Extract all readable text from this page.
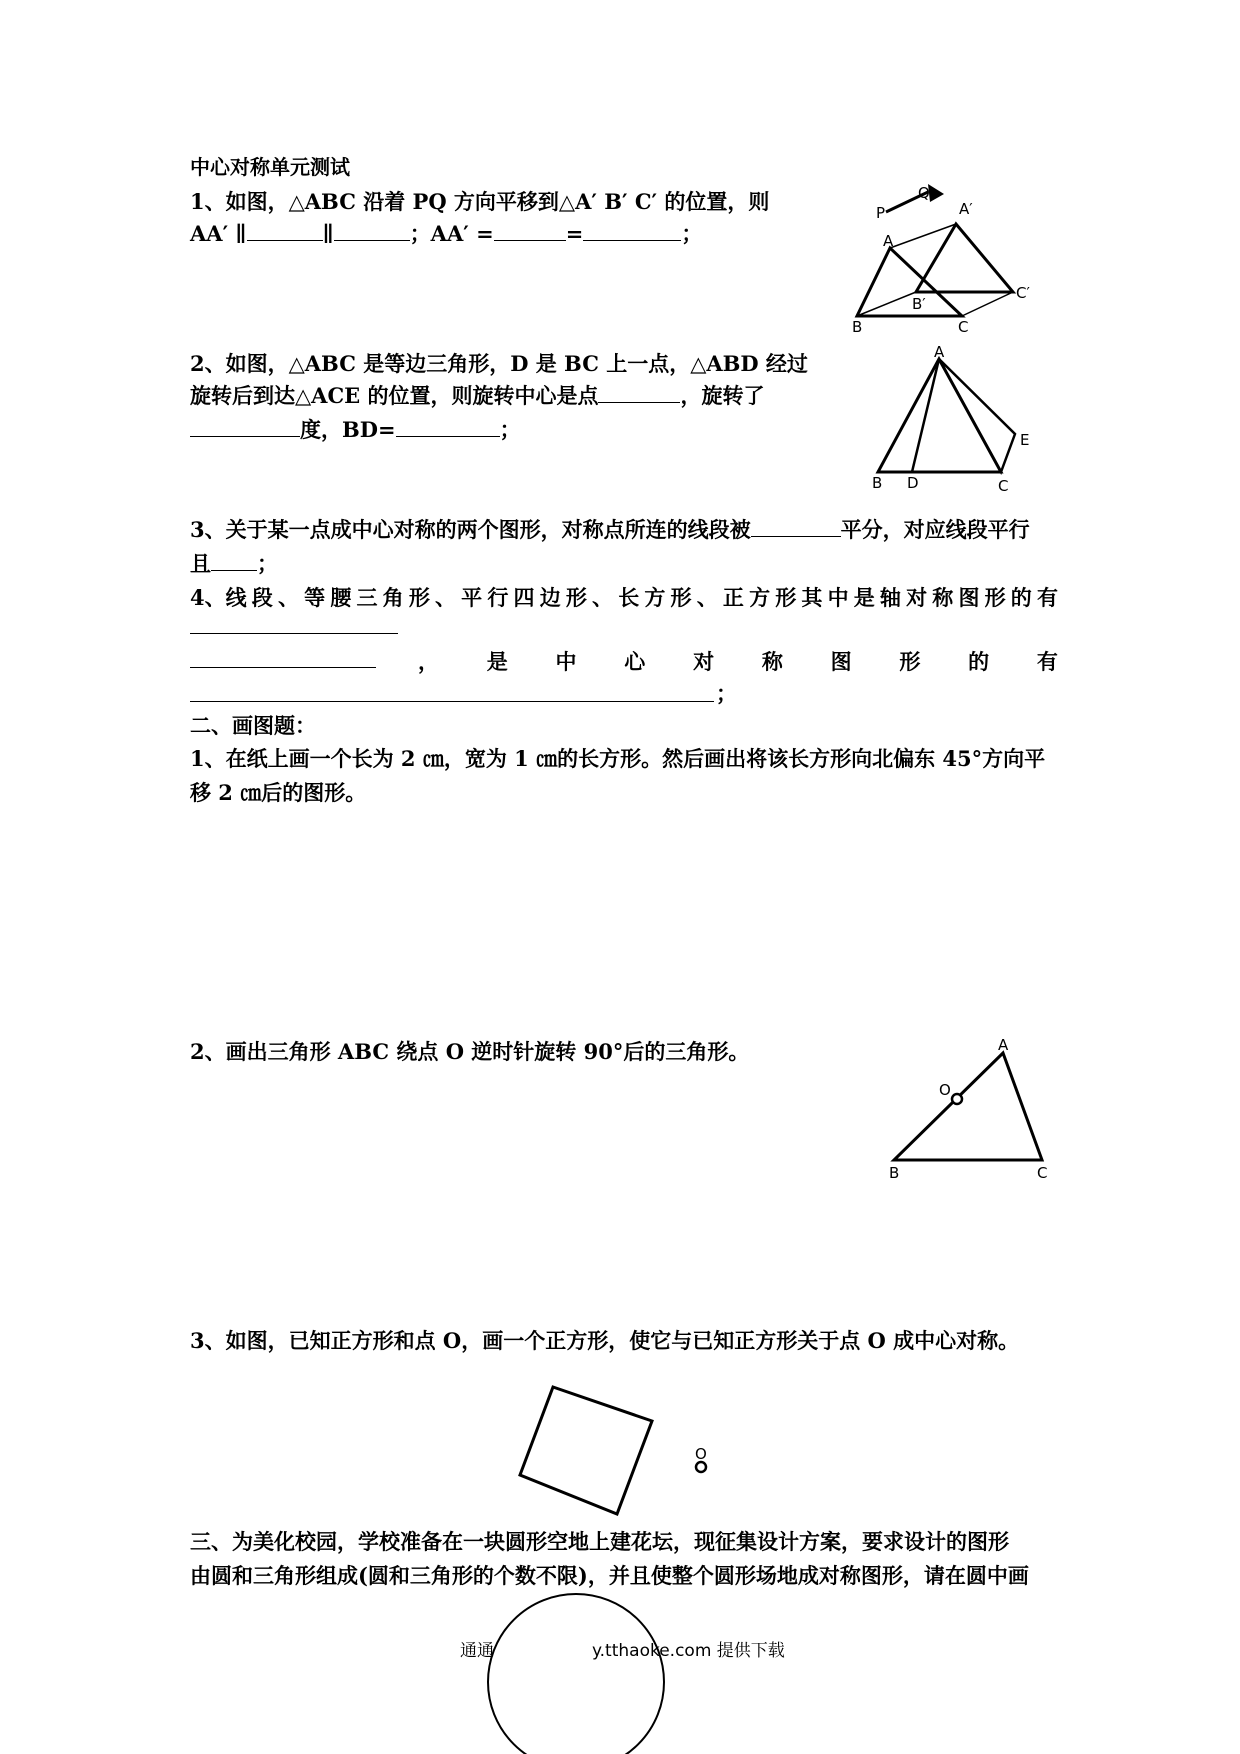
中心对称单元测试
1、如图，△ABC 沿着 PQ 方向平移到△A′ B′ C′ 的位置，则
AA′ ∥	∥	；AA′ =	=	；
P
Q
A′
A
B′
C′
B	C
2、如图，△ABC 是等边三角形，D 是 BC 上一点，△ABD 经过
旋转后到达△ACE 的位置，则旋转中心是点	，旋转了
度，BD=	；
A
E
B D	C
3、关于某一点成中心对称的两个图形，对称点所连的线段被	平分，对应线段平行
且 ；
4、线 段 、 等 腰 三 角 形 、 平 行 四 边 形 、 长 方 形 、 正 方 形 其 中 是 轴 对 称 图 形 的 有
， 是 中 心 对 称 图 形 的 有
；
二、画图题：
1、在纸上画一个长为 2 ㎝，宽为 1 ㎝的长方形。然后画出将该长方形向北偏东 45°方向平
移 2 ㎝后的图形。
2、画出三角形 ABC 绕点 O 逆时针旋转 90°后的三角形。	A
O
B	C
3、如图，已知正方形和点 O，画一个正方形，使它与已知正方形关于点 O 成中心对称。
O
三、为美化校园，学校准备在一块圆形空地上建花坛，现征集设计方案，要求设计的图形
由圆和三角形组成(圆和三角形的个数不限)，并且使整个圆形场地成对称图形，请在圆中画
通通	y.tthaoke.com 提供下载
